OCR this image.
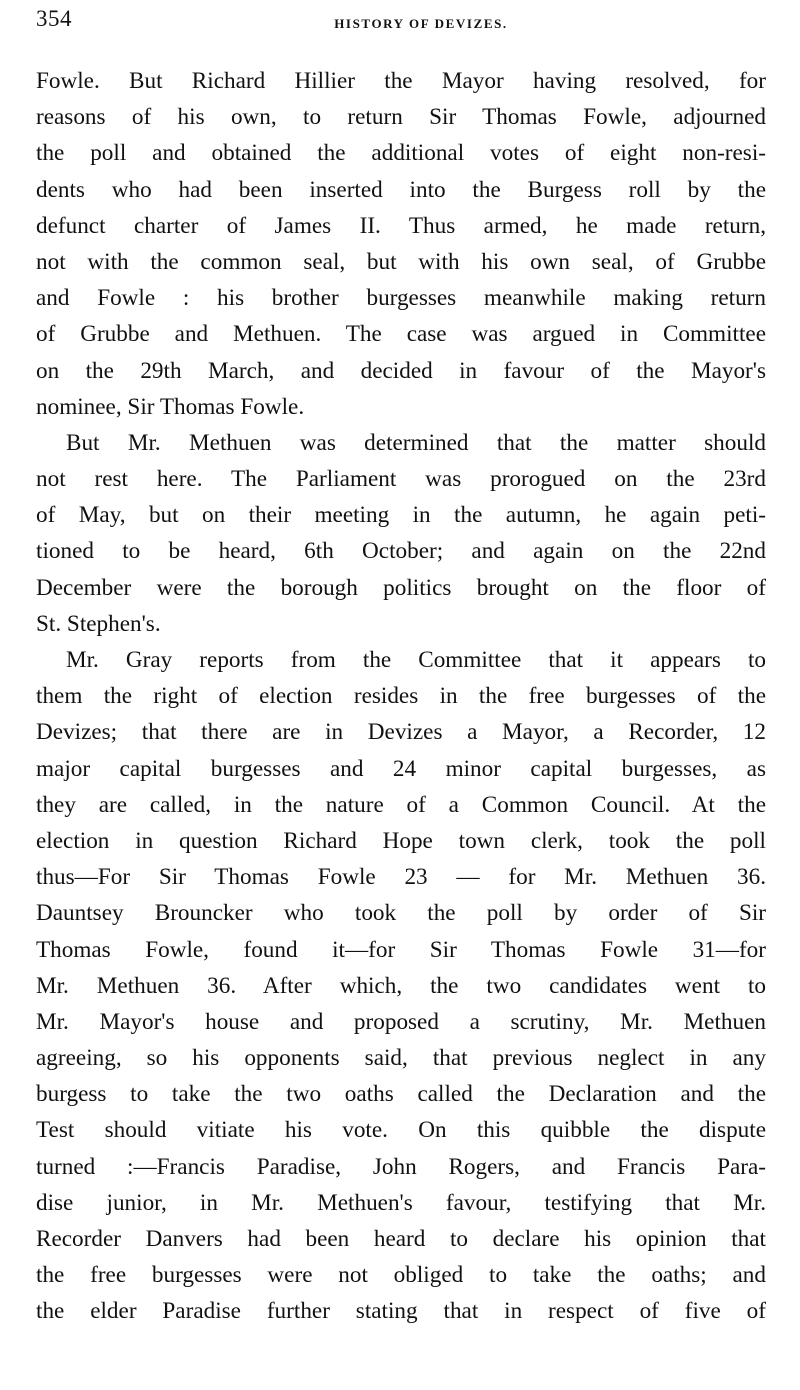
354	HISTORY OF DEVIZES.
Fowle. But Richard Hillier the Mayor having resolved, for
reasons of his own, to return Sir Thomas Fowle, adjourned
the poll and obtained the additional votes of eight non-resi-
dents who had been inserted into the Burgess roll by the
defunct charter of James II. Thus armed, he made return,
not with the common seal, but with his own seal, of Grubbe
and Fowle : his brother burgesses meanwhile making return
of Grubbe and Methuen. The case was argued in Committee
on the 29th March, and decided in favour of the Mayor's
nominee, Sir Thomas Fowle.
But Mr. Methuen was determined that the matter should
not rest here. The Parliament was prorogued on the 23rd
of May, but on their meeting in the autumn, he again peti-
tioned to be heard, 6th October; and again on the 22nd
December were the borough politics brought on the floor of
St. Stephen's.
Mr. Gray reports from the Committee that it appears to
them the right of election resides in the free burgesses of the
Devizes; that there are in Devizes a Mayor, a Recorder, 12
major capital burgesses and 24 minor capital burgesses, as
they are called, in the nature of a Common Council. At the
election in question Richard Hope town clerk, took the poll
thus—For Sir Thomas Fowle 23 — for Mr. Methuen 36.
Dauntsey Brouncker who took the poll by order of Sir
Thomas Fowle, found it—for Sir Thomas Fowle 31—for
Mr. Methuen 36. After which, the two candidates went to
Mr. Mayor's house and proposed a scrutiny, Mr. Methuen
agreeing, so his opponents said, that previous neglect in any
burgess to take the two oaths called the Declaration and the
Test should vitiate his vote. On this quibble the dispute
turned :—Francis Paradise, John Rogers, and Francis Para-
dise junior, in Mr. Methuen's favour, testifying that Mr.
Recorder Danvers had been heard to declare his opinion that
the free burgesses were not obliged to take the oaths; and
the elder Paradise further stating that in respect of five of
